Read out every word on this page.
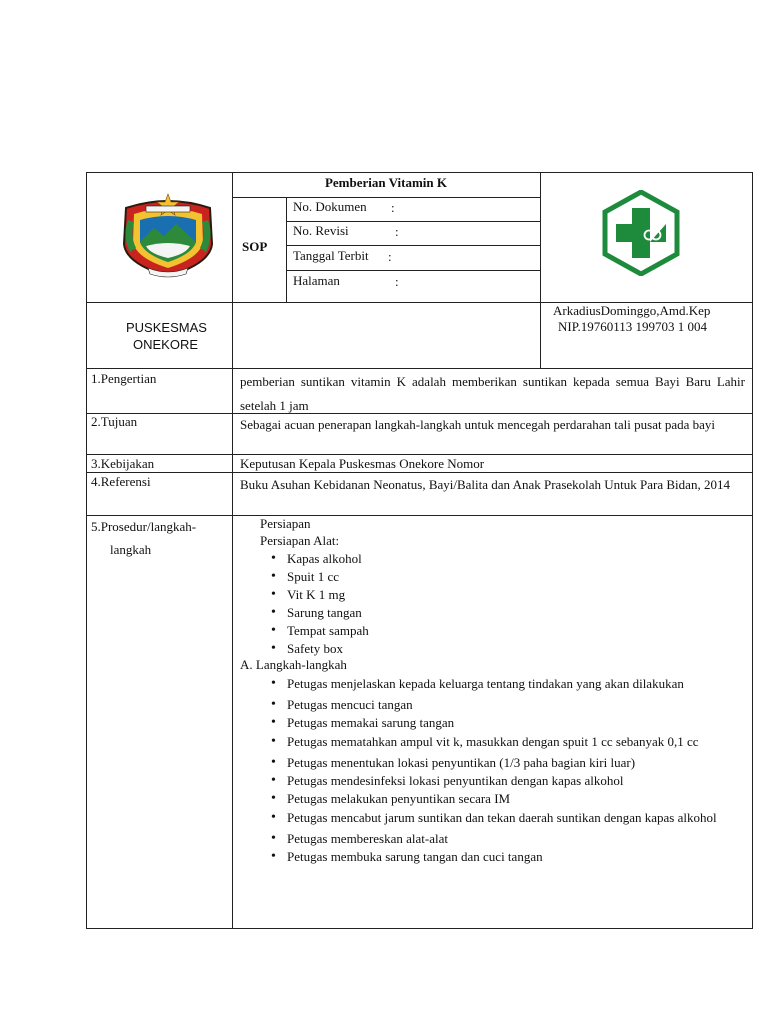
Pemberian Vitamin K
SOP
No. Dokumen :
No. Revisi	:
Tanggal Terbit :
Halaman	:
PUSKESMAS
ONEKORE
ArkadiusDominggo,Amd.Kep
NIP.19760113 199703 1 004
1.Pengertian	pemberian suntikan vitamin K adalah memberikan suntikan kepada semua Bayi Baru Lahir setelah 1 jam
2.Tujuan	Sebagai acuan penerapan langkah-langkah untuk mencegah perdarahan tali pusat pada bayi
3.Kebijakan	Keputusan Kepala Puskesmas Onekore Nomor
4.Referensi	Buku Asuhan Kebidanan Neonatus, Bayi/Balita dan Anak Prasekolah Untuk Para Bidan, 2014
5.Prosedur/langkah-
langkah
Persiapan
Persiapan Alat:
• Kapas alkohol
• Spuit 1 cc
• Vit K 1 mg
• Sarung tangan
• Tempat sampah
• Safety box
A. Langkah-langkah
• Petugas menjelaskan kepada keluarga tentang tindakan yang akan dilakukan
• Petugas mencuci tangan
• Petugas memakai sarung tangan
• Petugas mematahkan ampul vit k, masukkan dengan spuit 1 cc sebanyak 0,1 cc
• Petugas menentukan lokasi penyuntikan (1/3 paha bagian kiri luar)
• Petugas mendesinfeksi lokasi penyuntikan dengan kapas alkohol
• Petugas melakukan penyuntikan secara IM
• Petugas mencabut jarum suntikan dan tekan daerah suntikan dengan kapas alkohol
• Petugas membereskan alat-alat
• Petugas membuka sarung tangan dan cuci tangan
